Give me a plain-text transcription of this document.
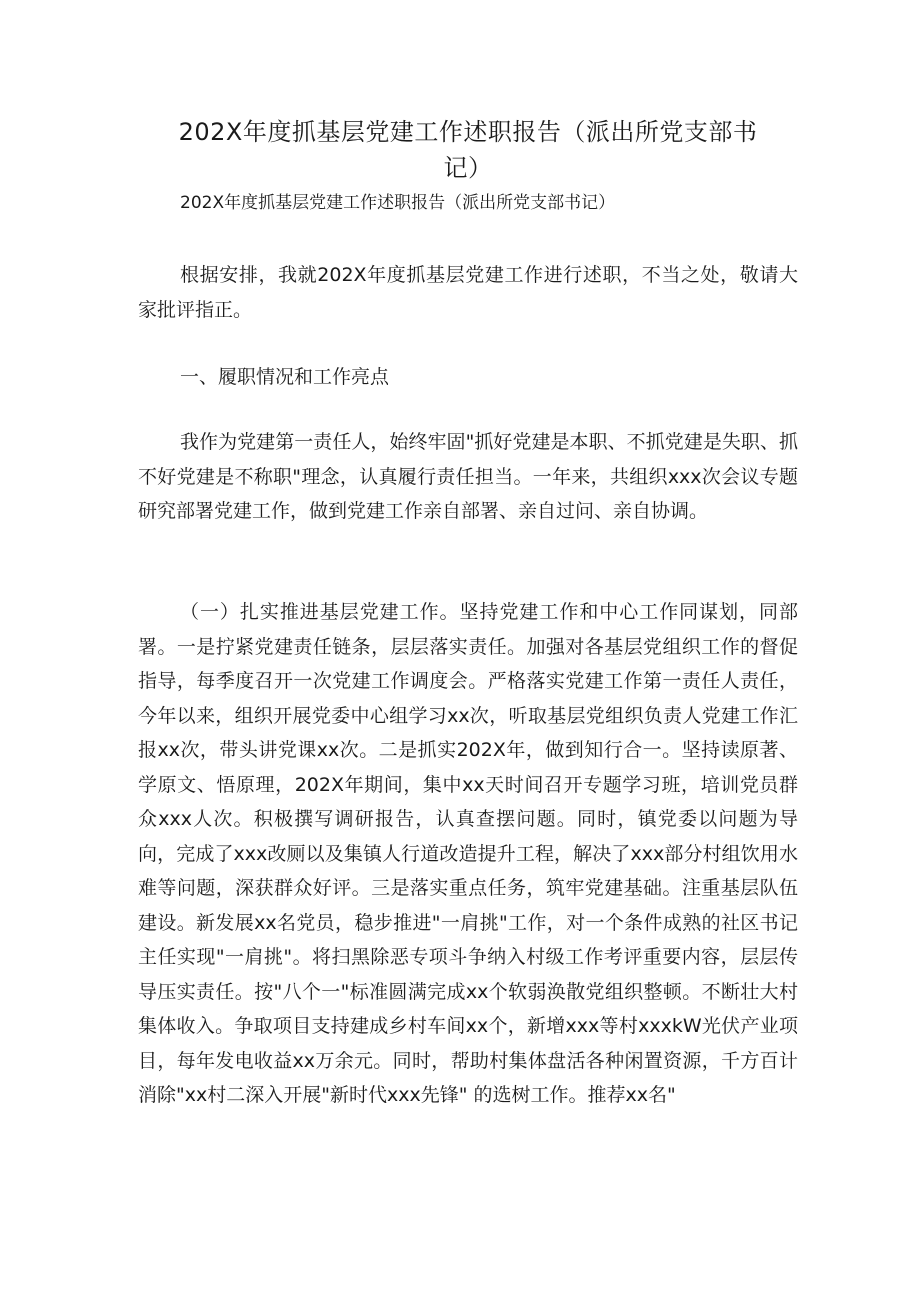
202X年度抓基层党建工作述职报告（派出所党支部书记）

202X年度抓基层党建工作述职报告（派出所党支部书记）

根据安排，我就202X年度抓基层党建工作进行述职，不当之处，敬请大家批评指正。

一、履职情况和工作亮点

我作为党建第一责任人，始终牢固"抓好党建是本职、不抓党建是失职、抓不好党建是不称职"理念，认真履行责任担当。一年来，共组织xxx次会议专题研究部署党建工作，做到党建工作亲自部署、亲自过问、亲自协调。

（一）扎实推进基层党建工作。坚持党建工作和中心工作同谋划，同部署。一是拧紧党建责任链条，层层落实责任。加强对各基层党组织工作的督促指导，每季度召开一次党建工作调度会。严格落实党建工作第一责任人责任，今年以来，组织开展党委中心组学习xx次，听取基层党组织负责人党建工作汇报xx次，带头讲党课xx次。二是抓实202X年，做到知行合一。坚持读原著、学原文、悟原理，202X年期间，集中xx天时间召开专题学习班，培训党员群众xxx人次。积极撰写调研报告，认真查摆问题。同时，镇党委以问题为导向，完成了xxx改厕以及集镇人行道改造提升工程，解决了xxx部分村组饮用水难等问题，深获群众好评。三是落实重点任务，筑牢党建基础。注重基层队伍建设。新发展xx名党员，稳步推进"一肩挑"工作，对一个条件成熟的社区书记主任实现"一肩挑"。将扫黑除恶专项斗争纳入村级工作考评重要内容，层层传导压实责任。按"八个一"标准圆满完成xx个软弱涣散党组织整顿。不断壮大村集体收入。争取项目支持建成乡村车间xx个，新增xxx等村xxxkW光伏产业项目，每年发电收益xx万余元。同时，帮助村集体盘活各种闲置资源，千方百计消除"xx村二深入开展"新时代xxx先锋" 的选树工作。推荐xx名"
